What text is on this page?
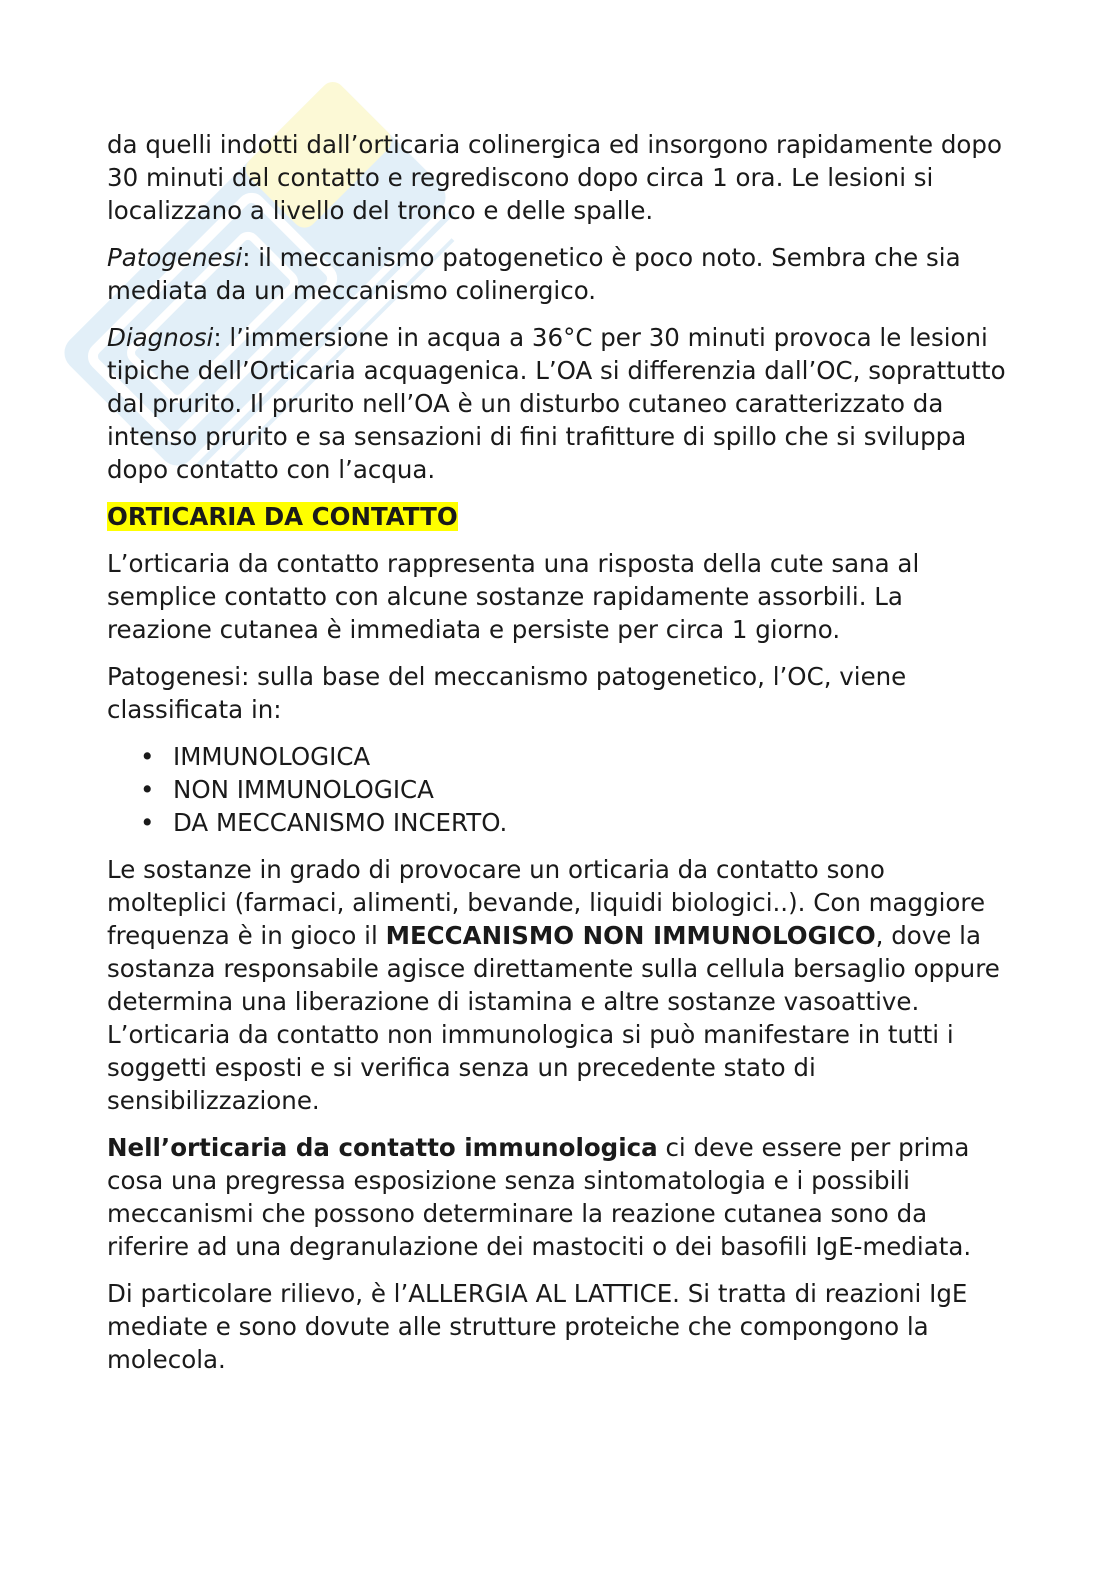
da quelli indotti dall’orticaria colinergica ed insorgono rapidamente dopo 30 minuti dal contatto e regrediscono dopo circa 1 ora. Le lesioni si localizzano a livello del tronco e delle spalle.

Patogenesi: il meccanismo patogenetico è poco noto. Sembra che sia mediata da un meccanismo colinergico.

Diagnosi: l’immersione in acqua a 36°C per 30 minuti provoca le lesioni tipiche dell’Orticaria acquagenica. L’OA si differenzia dall’OC, soprattutto dal prurito. Il prurito nell’OA è un disturbo cutaneo caratterizzato da intenso prurito e sa sensazioni di fini trafitture di spillo che si sviluppa dopo contatto con l’acqua.

ORTICARIA DA CONTATTO

L’orticaria da contatto rappresenta una risposta della cute sana al semplice contatto con alcune sostanze rapidamente assorbili. La reazione cutanea è immediata e persiste per circa 1 giorno.

Patogenesi: sulla base del meccanismo patogenetico, l’OC, viene classificata in:

• IMMUNOLOGICA
• NON IMMUNOLOGICA
• DA MECCANISMO INCERTO.

Le sostanze in grado di provocare un orticaria da contatto sono molteplici (farmaci, alimenti, bevande, liquidi biologici..). Con maggiore frequenza è in gioco il MECCANISMO NON IMMUNOLOGICO, dove la sostanza responsabile agisce direttamente sulla cellula bersaglio oppure determina una liberazione di istamina e altre sostanze vasoattive. L’orticaria da contatto non immunologica si può manifestare in tutti i soggetti esposti e si verifica senza un precedente stato di sensibilizzazione.

Nell’orticaria da contatto immunologica ci deve essere per prima cosa una pregressa esposizione senza sintomatologia e i possibili meccanismi che possono determinare la reazione cutanea sono da riferire ad una degranulazione dei mastociti o dei basofili IgE-mediata.

Di particolare rilievo, è l’ALLERGIA AL LATTICE. Si tratta di reazioni IgE mediate e sono dovute alle strutture proteiche che compongono la molecola.
